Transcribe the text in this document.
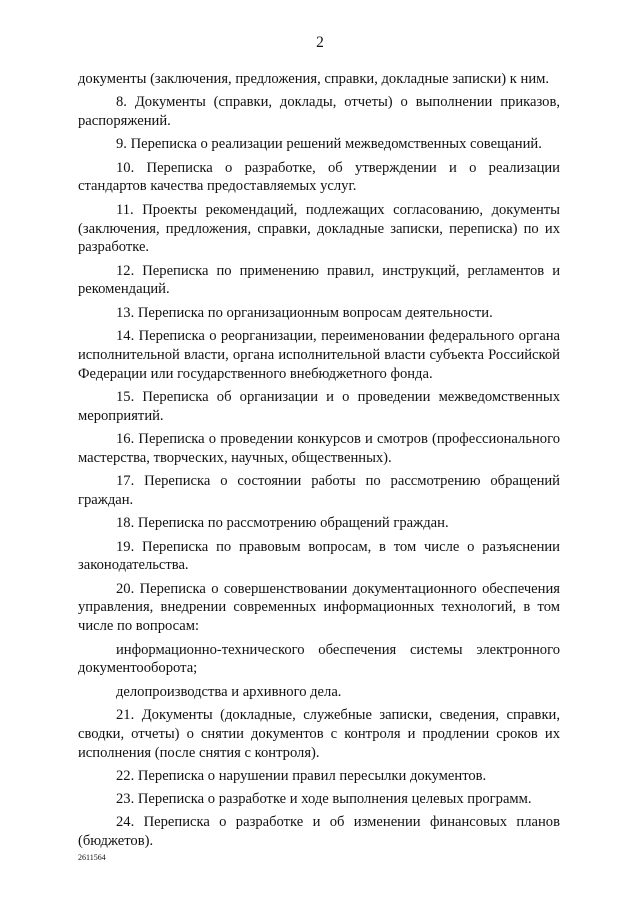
2

документы (заключения, предложения, справки, докладные записки) к ним.

8. Документы (справки, доклады, отчеты) о выполнении приказов, распоряжений.

9. Переписка о реализации решений межведомственных совещаний.

10. Переписка о разработке, об утверждении и о реализации стандартов качества предоставляемых услуг.

11. Проекты рекомендаций, подлежащих согласованию, документы (заключения, предложения, справки, докладные записки, переписка) по их разработке.

12. Переписка по применению правил, инструкций, регламентов и рекомендаций.

13. Переписка по организационным вопросам деятельности.

14. Переписка о реорганизации, переименовании федерального органа исполнительной власти, органа исполнительной власти субъекта Российской Федерации или государственного внебюджетного фонда.

15. Переписка об организации и о проведении межведомственных мероприятий.

16. Переписка о проведении конкурсов и смотров (профессионального мастерства, творческих, научных, общественных).

17. Переписка о состоянии работы по рассмотрению обращений граждан.

18. Переписка по рассмотрению обращений граждан.

19. Переписка по правовым вопросам, в том числе о разъяснении законодательства.

20. Переписка о совершенствовании документационного обеспечения управления, внедрении современных информационных технологий, в том числе по вопросам:

информационно-технического обеспечения системы электронного документооборота;

делопроизводства и архивного дела.

21. Документы (докладные, служебные записки, сведения, справки, сводки, отчеты) о снятии документов с контроля и продлении сроков их исполнения (после снятия с контроля).

22. Переписка о нарушении правил пересылки документов.

23. Переписка о разработке и ходе выполнения целевых программ.

24. Переписка о разработке и об изменении финансовых планов (бюджетов).

2611564
